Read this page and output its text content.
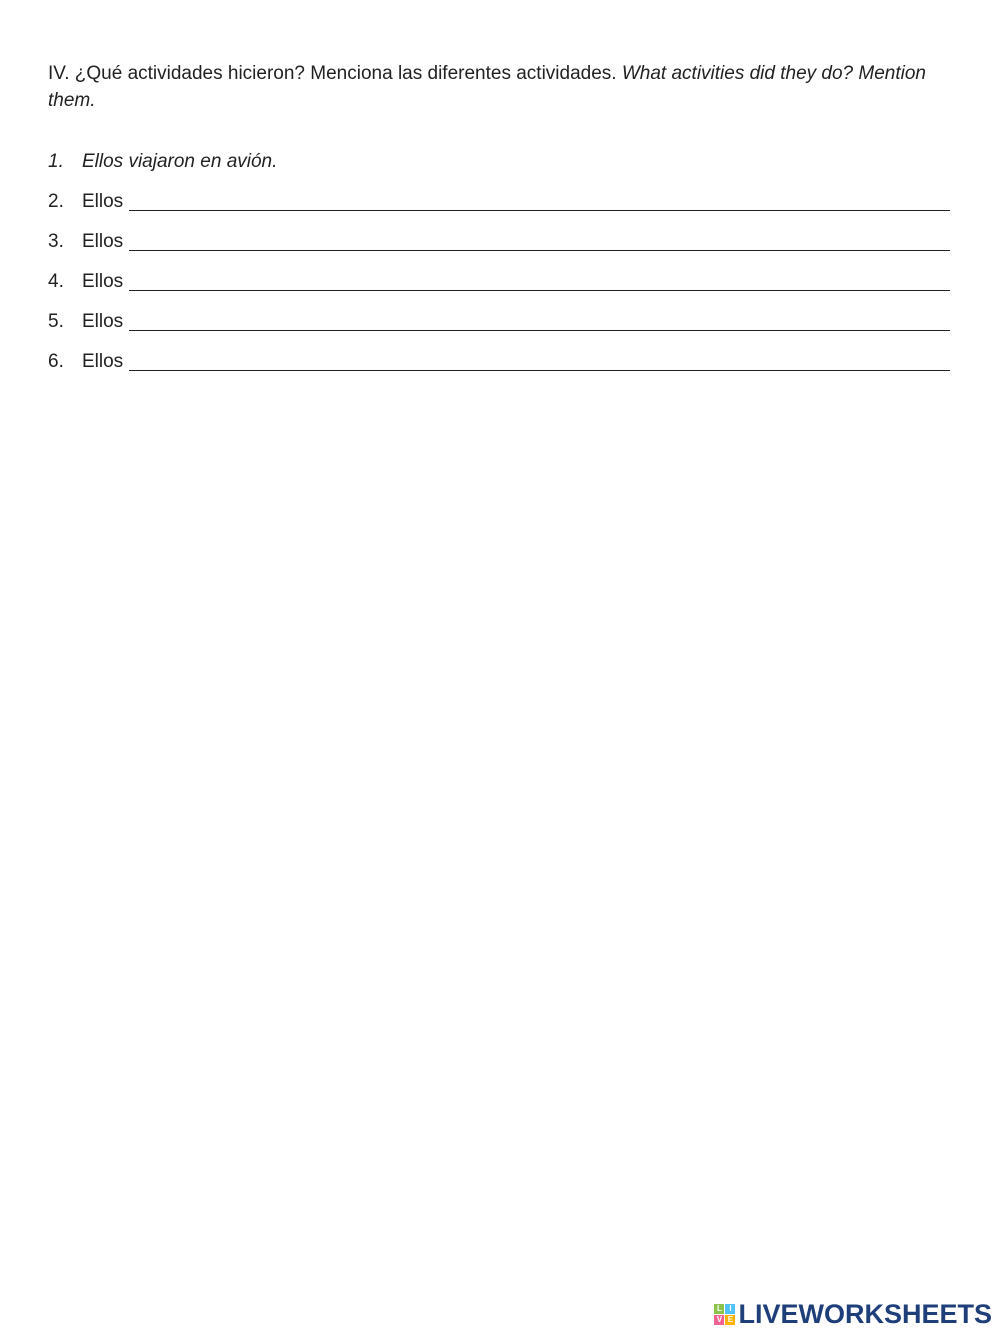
IV. ¿Qué actividades hicieron? Menciona las diferentes actividades. What activities did they do? Mention them.
1. Ellos viajaron en avión.
2. Ellos
3. Ellos
4. Ellos
5. Ellos
6. Ellos
L I
V E LIVEWORKSHEETS
